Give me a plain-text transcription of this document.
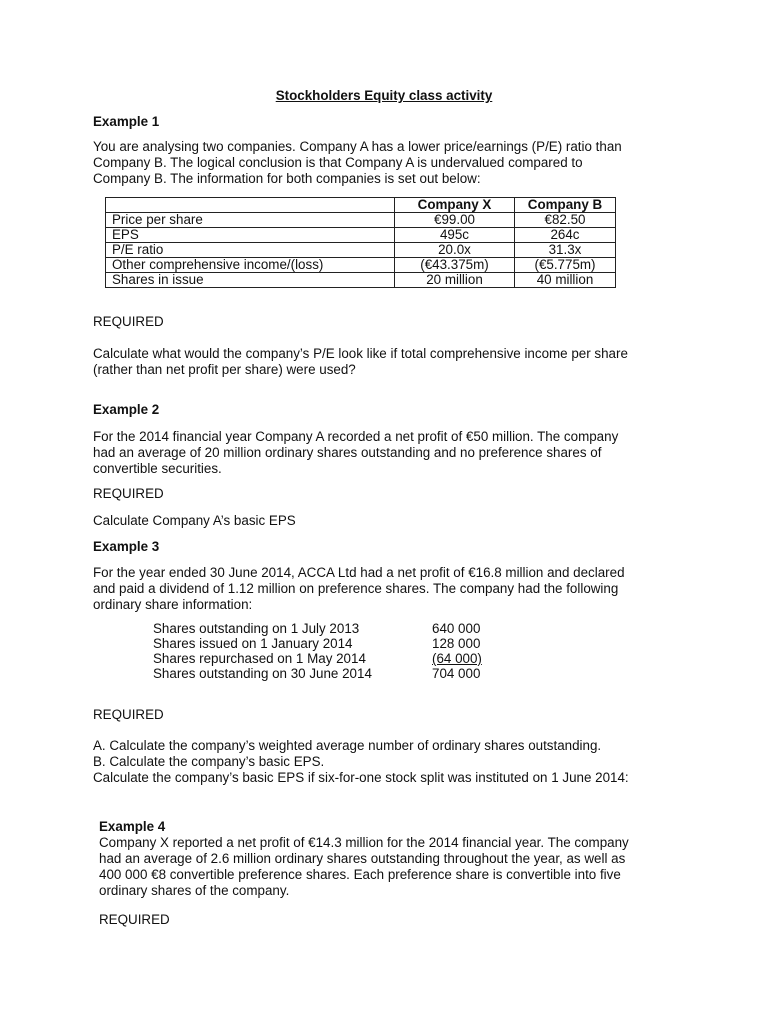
Stockholders Equity class activity
Example 1
You are analysing two companies. Company A has a lower price/earnings (P/E) ratio than
Company B. The logical conclusion is that Company A is undervalued compared to
Company B. The information for both companies is set out below:
	Company X	Company B
Price per share	€99.00	€82.50
EPS	495c	264c
P/E ratio	20.0x	31.3x
Other comprehensive income/(loss)	(€43.375m)	(€5.775m)
Shares in issue	20 million	40 million
REQUIRED
Calculate what would the company’s P/E look like if total comprehensive income per share
(rather than net profit per share) were used?
Example 2
For the 2014 financial year Company A recorded a net profit of €50 million. The company
had an average of 20 million ordinary shares outstanding and no preference shares of
convertible securities.
REQUIRED
Calculate Company A’s basic EPS
Example 3
For the year ended 30 June 2014, ACCA Ltd had a net profit of €16.8 million and declared
and paid a dividend of 1.12 million on preference shares. The company had the following
ordinary share information:
Shares outstanding on 1 July 2013	640 000
Shares issued on 1 January 2014	128 000
Shares repurchased on 1 May 2014	(64 000)
Shares outstanding on 30 June 2014	704 000
REQUIRED
A. Calculate the company’s weighted average number of ordinary shares outstanding.
B. Calculate the company’s basic EPS.
Calculate the company’s basic EPS if six-for-one stock split was instituted on 1 June 2014:
Example 4
Company X reported a net profit of €14.3 million for the 2014 financial year. The company
had an average of 2.6 million ordinary shares outstanding throughout the year, as well as
400 000 €8 convertible preference shares. Each preference share is convertible into five
ordinary shares of the company.
REQUIRED
